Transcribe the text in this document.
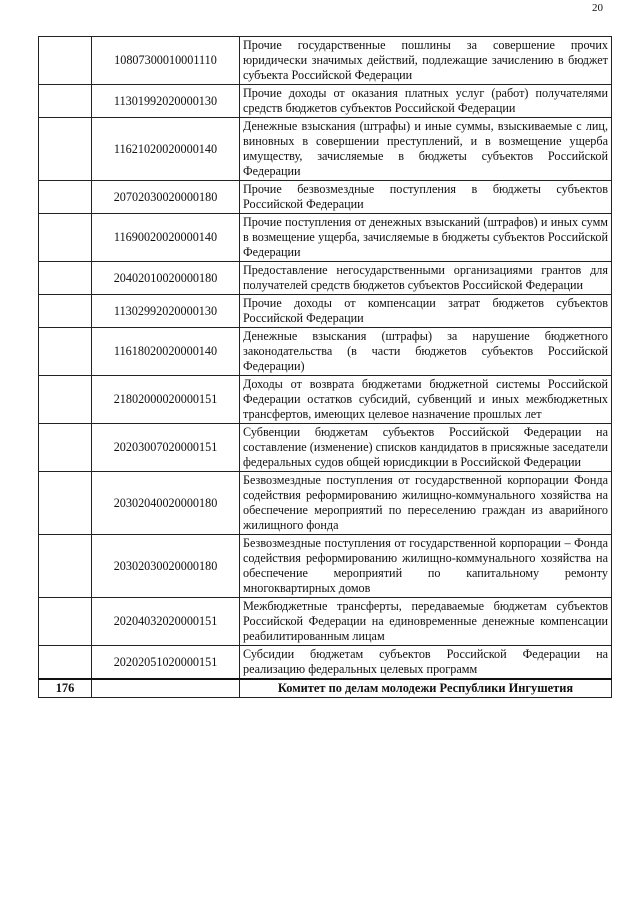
20
	10807300010001110	Прочие государственные пошлины за совершение прочих юридически значимых действий, подлежащие зачислению в бюджет субъекта Российской Федерации
	11301992020000130	Прочие доходы от оказания платных услуг (работ) получателями средств бюджетов субъектов Российской Федерации
	11621020020000140	Денежные взыскания (штрафы) и иные суммы, взыскиваемые с лиц, виновных в совершении преступлений, и в возмещение ущерба имуществу, зачисляемые в бюджеты субъектов Российской Федерации
	20702030020000180	Прочие безвозмездные поступления в бюджеты субъектов Российской Федерации
	11690020020000140	Прочие поступления от денежных взысканий (штрафов) и иных сумм в возмещение ущерба, зачисляемые в бюджеты субъектов Российской Федерации
	20402010020000180	Предоставление негосударственными организациями грантов для получателей средств бюджетов субъектов Российской Федерации
	11302992020000130	Прочие доходы от компенсации затрат бюджетов субъектов Российской Федерации
	11618020020000140	Денежные взыскания (штрафы) за нарушение бюджетного законодательства (в части бюджетов субъектов Российской Федерации)
	21802000020000151	Доходы от возврата бюджетами бюджетной системы Российской Федерации остатков субсидий, субвенций и иных межбюджетных трансфертов, имеющих целевое назначение прошлых лет
	20203007020000151	Субвенции бюджетам субъектов Российской Федерации на составление (изменение) списков кандидатов в присяжные заседатели федеральных судов общей юрисдикции в Российской Федерации
	20302040020000180	Безвозмездные поступления от государственной корпорации Фонда содействия реформированию жилищно-коммунального хозяйства на обеспечение мероприятий по переселению граждан из аварийного жилищного фонда
	20302030020000180	Безвозмездные поступления от государственной корпорации – Фонда содействия реформированию жилищно-коммунального хозяйства на обеспечение мероприятий по капитальному ремонту многоквартирных домов
	20204032020000151	Межбюджетные трансферты, передаваемые бюджетам субъектов Российской Федерации на единовременные денежные компенсации реабилитированным лицам
	20202051020000151	Субсидии бюджетам субъектов Российской Федерации на реализацию федеральных целевых программ
176		Комитет по делам молодежи Республики Ингушетия
